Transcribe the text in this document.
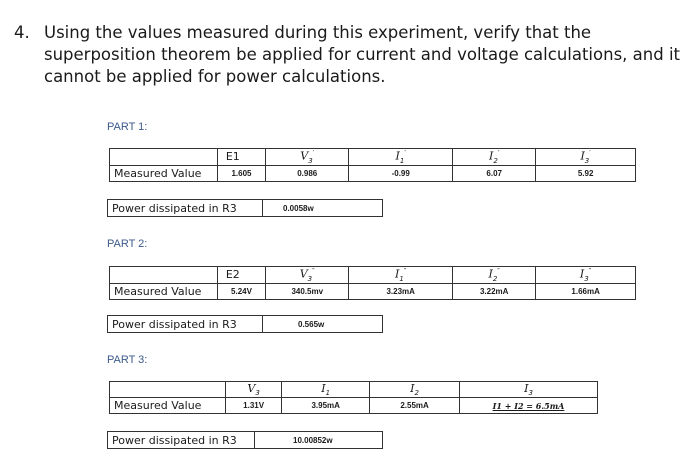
4. Using the values measured during this experiment, verify that the superposition theorem be applied for current and voltage calculations, and it cannot be applied for power calculations.
PART 1:
	E1	$V_3'$	$I_1'$	$I_2'$	$I_3'$
Measured Value	1.605	0.986	-0.99	6.07	5.92
Power dissipated in R3	0.0058w
PART 2:
	E2	$V_3''$	$I_1''$	$I_2''$	$I_3''$
Measured Value	5.24V	340.5mv	3.23mA	3.22mA	1.66mA
Power dissipated in R3	0.565w
PART 3:
	$V_3$	$I_1$	$I_2$	$I_3$
Measured Value	1.31V	3.95mA	2.55mA	I1 + I2 = 6.5mA
Power dissipated in R3	10.00852w
